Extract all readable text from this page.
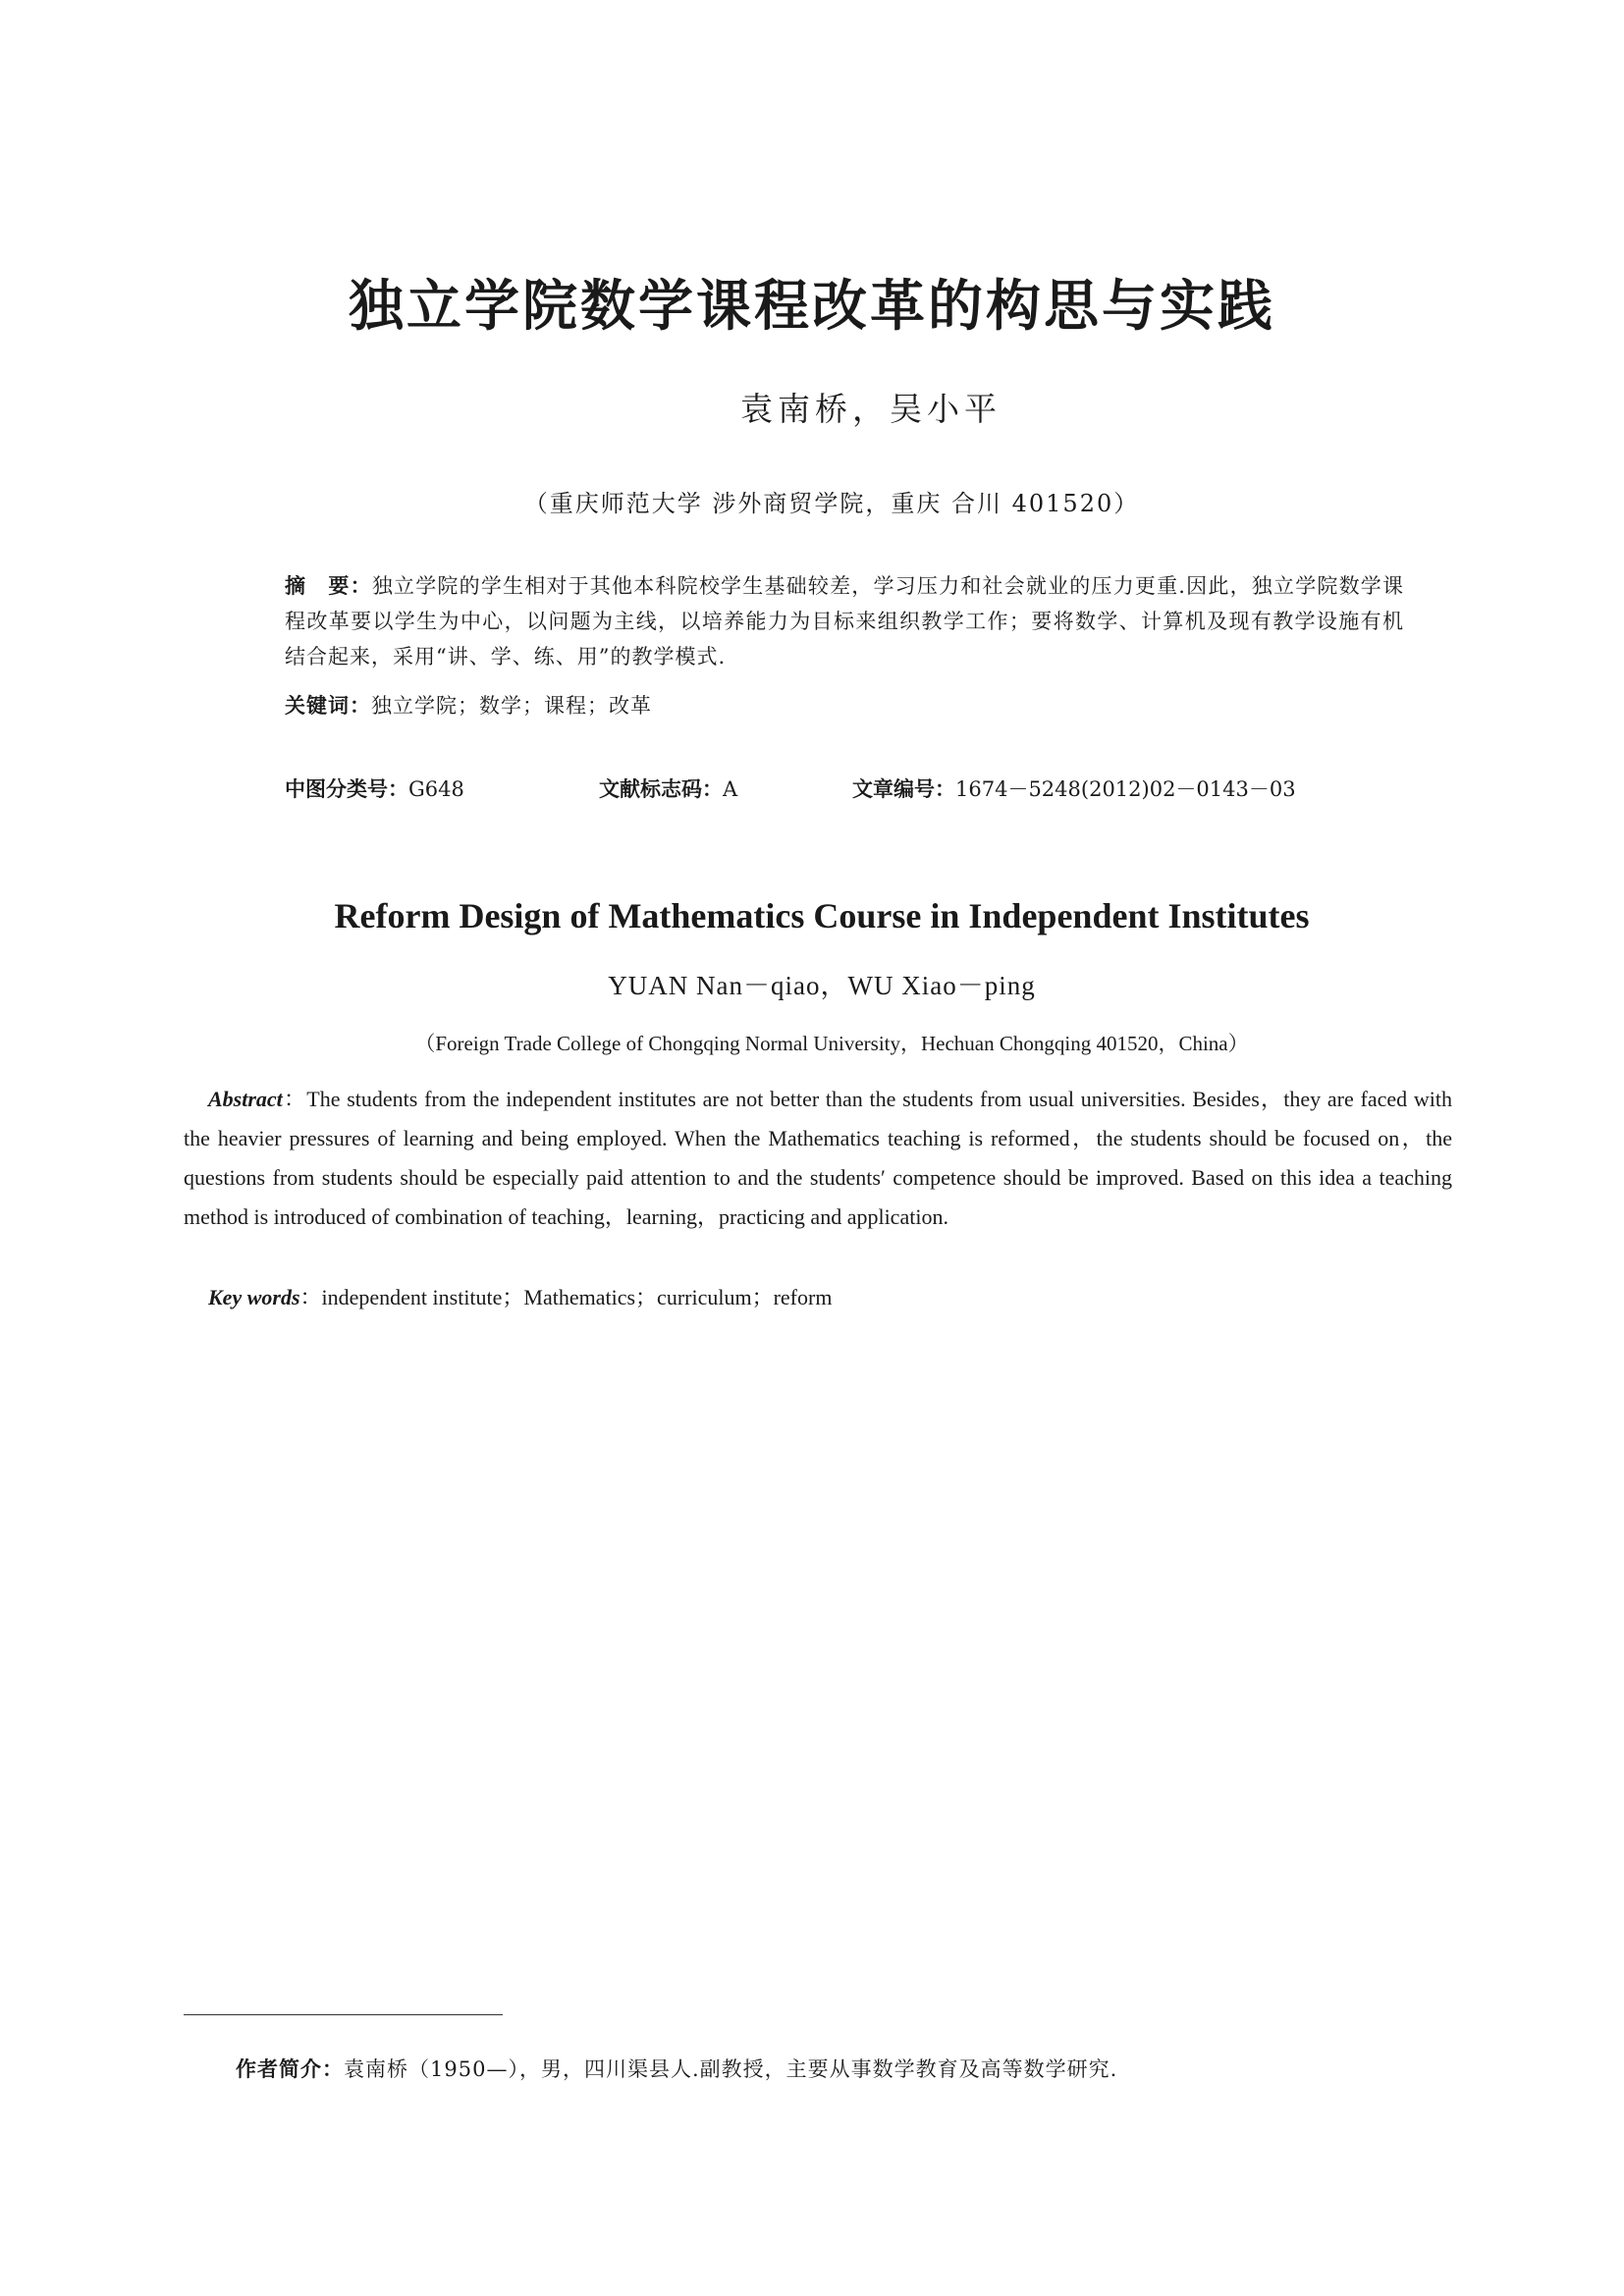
独立学院数学课程改革的构思与实践
袁南桥，吴小平
（重庆师范大学 涉外商贸学院，重庆 合川 401520）
摘　要：独立学院的学生相对于其他本科院校学生基础较差，学习压力和社会就业的压力更重.因此，独立学院数学课程改革要以学生为中心，以问题为主线，以培养能力为目标来组织教学工作；要将数学、计算机及现有教学设施有机结合起来，采用“讲、学、练、用”的教学模式.
关键词：独立学院；数学；课程；改革
中图分类号：G648	文献标志码：A	文章编号：1674－5248(2012)02－0143－03
Reform Design of Mathematics Course in Independent Institutes
YUAN Nan－qiao，WU Xiao－ping
（Foreign Trade College of Chongqing Normal University，Hechuan Chongqing 401520，China）
Abstract：The students from the independent institutes are not better than the students from usual universities. Besides，they are faced with the heavier pressures of learning and being employed. When the Mathematics teaching is reformed，the students should be focused on，the questions from students should be especially paid attention to and the students′ competence should be improved. Based on this idea a teaching method is introduced of combination of teaching，learning，practicing and application.
Key words：independent institute；Mathematics；curriculum；reform
作者简介：袁南桥（1950—），男，四川渠县人.副教授，主要从事数学教育及高等数学研究.
